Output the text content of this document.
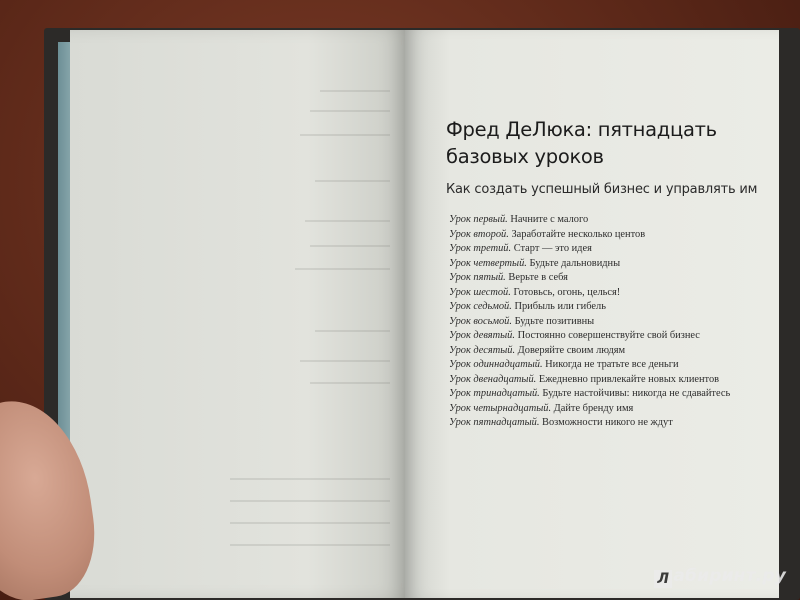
Фред ДеЛюка: пятнадцать базовых уроков
Как создать успешный бизнес и управлять им
Урок первый. Начните с малого
Урок второй. Заработайте несколько центов
Урок третий. Старт — это идея
Урок четвертый. Будьте дальновидны
Урок пятый. Верьте в себя
Урок шестой. Готовьсь, огонь, целься!
Урок седьмой. Прибыль или гибель
Урок восьмой. Будьте позитивны
Урок девятый. Постоянно совершенствуйте свой бизнес
Урок десятый. Доверяйте своим людям
Урок одиннадцатый. Никогда не тратьте все деньги
Урок двенадцатый. Ежедневно привлекайте новых клиентов
Урок тринадцатый. Будьте настойчивы: никогда не сдавайтесь
Урок четырнадцатый. Дайте бренду имя
Урок пятнадцатый. Возможности никого не ждут
Л абиринт.ру
